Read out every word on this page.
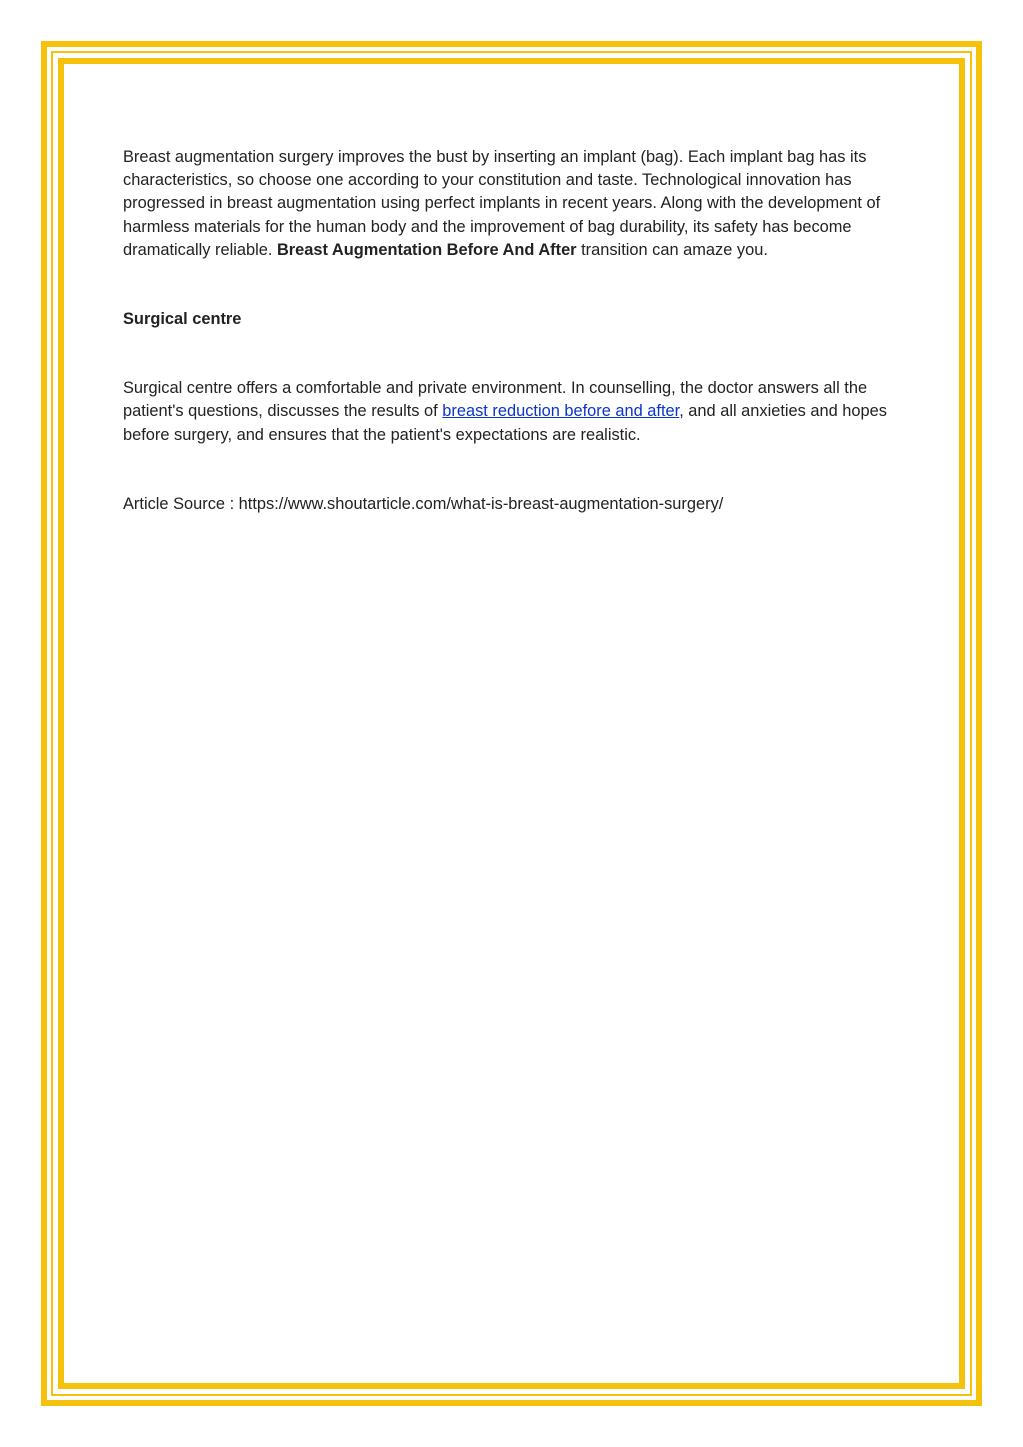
Breast augmentation surgery improves the bust by inserting an implant (bag). Each implant bag has its characteristics, so choose one according to your constitution and taste. Technological innovation has progressed in breast augmentation using perfect implants in recent years. Along with the development of harmless materials for the human body and the improvement of bag durability, its safety has become dramatically reliable. Breast Augmentation Before And After transition can amaze you.

Surgical centre

Surgical centre offers a comfortable and private environment. In counselling, the doctor answers all the patient's questions, discusses the results of breast reduction before and after, and all anxieties and hopes before surgery, and ensures that the patient's expectations are realistic.

Article Source : https://www.shoutarticle.com/what-is-breast-augmentation-surgery/
